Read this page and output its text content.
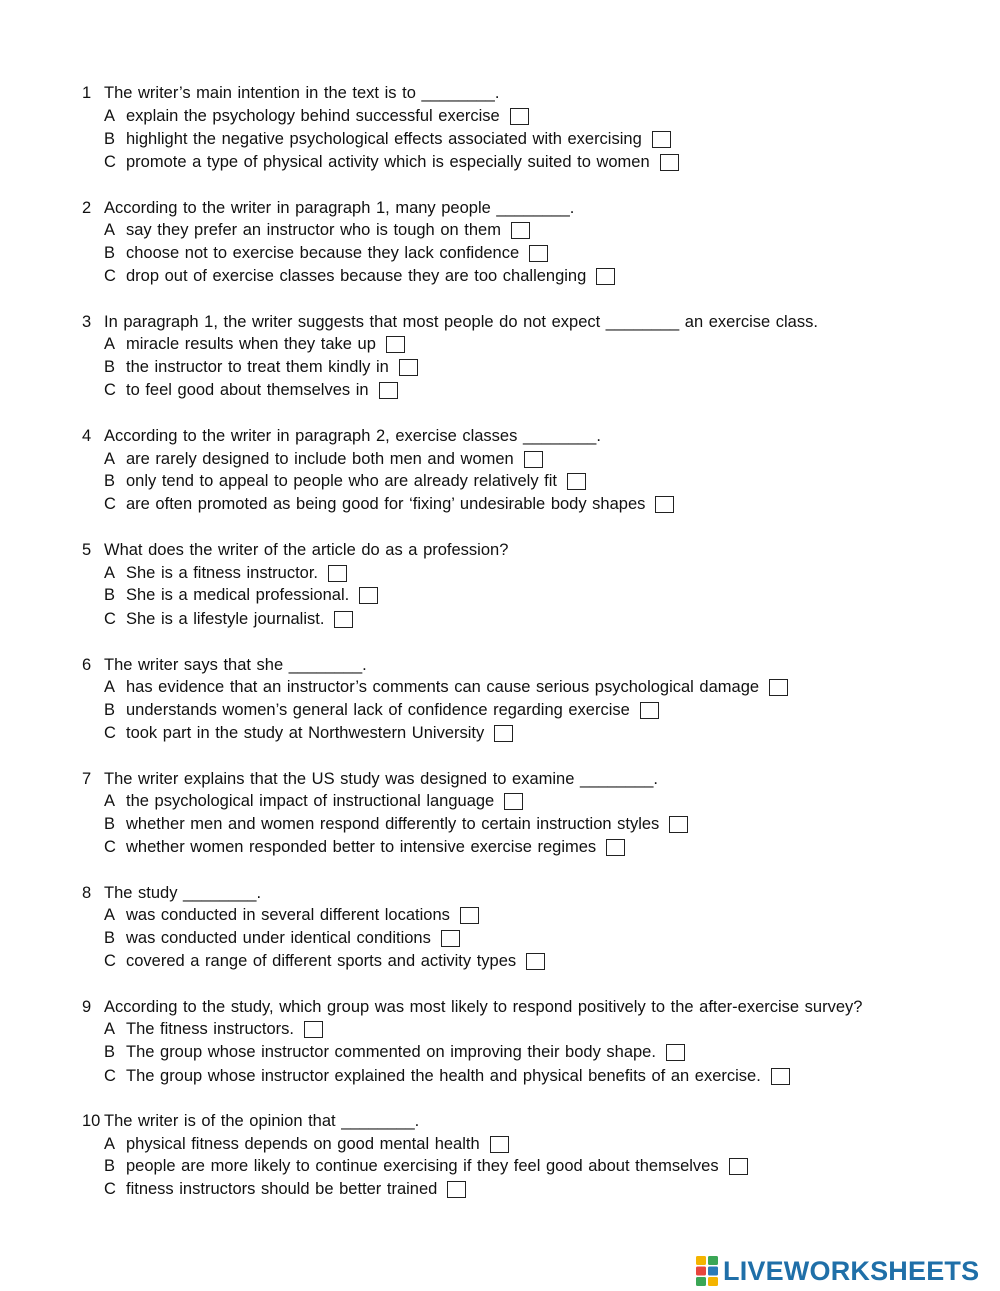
1 The writer’s main intention in the text is to ________.
A explain the psychology behind successful exercise
B highlight the negative psychological effects associated with exercising
C promote a type of physical activity which is especially suited to women
2 According to the writer in paragraph 1, many people ________.
A say they prefer an instructor who is tough on them
B choose not to exercise because they lack confidence
C drop out of exercise classes because they are too challenging
3 In paragraph 1, the writer suggests that most people do not expect ________ an exercise class.
A miracle results when they take up
B the instructor to treat them kindly in
C to feel good about themselves in
4 According to the writer in paragraph 2, exercise classes ________.
A are rarely designed to include both men and women
B only tend to appeal to people who are already relatively fit
C are often promoted as being good for ‘fixing’ undesirable body shapes
5 What does the writer of the article do as a profession?
A She is a fitness instructor.
B She is a medical professional.
C She is a lifestyle journalist.
6 The writer says that she ________.
A has evidence that an instructor’s comments can cause serious psychological damage
B understands women’s general lack of confidence regarding exercise
C took part in the study at Northwestern University
7 The writer explains that the US study was designed to examine ________.
A the psychological impact of instructional language
B whether men and women respond differently to certain instruction styles
C whether women responded better to intensive exercise regimes
8 The study ________.
A was conducted in several different locations
B was conducted under identical conditions
C covered a range of different sports and activity types
9 According to the study, which group was most likely to respond positively to the after-exercise survey?
A The fitness instructors.
B The group whose instructor commented on improving their body shape.
C The group whose instructor explained the health and physical benefits of an exercise.
10 The writer is of the opinion that ________.
A physical fitness depends on good mental health
B people are more likely to continue exercising if they feel good about themselves
C fitness instructors should be better trained
LIVEWORKSHEETS
